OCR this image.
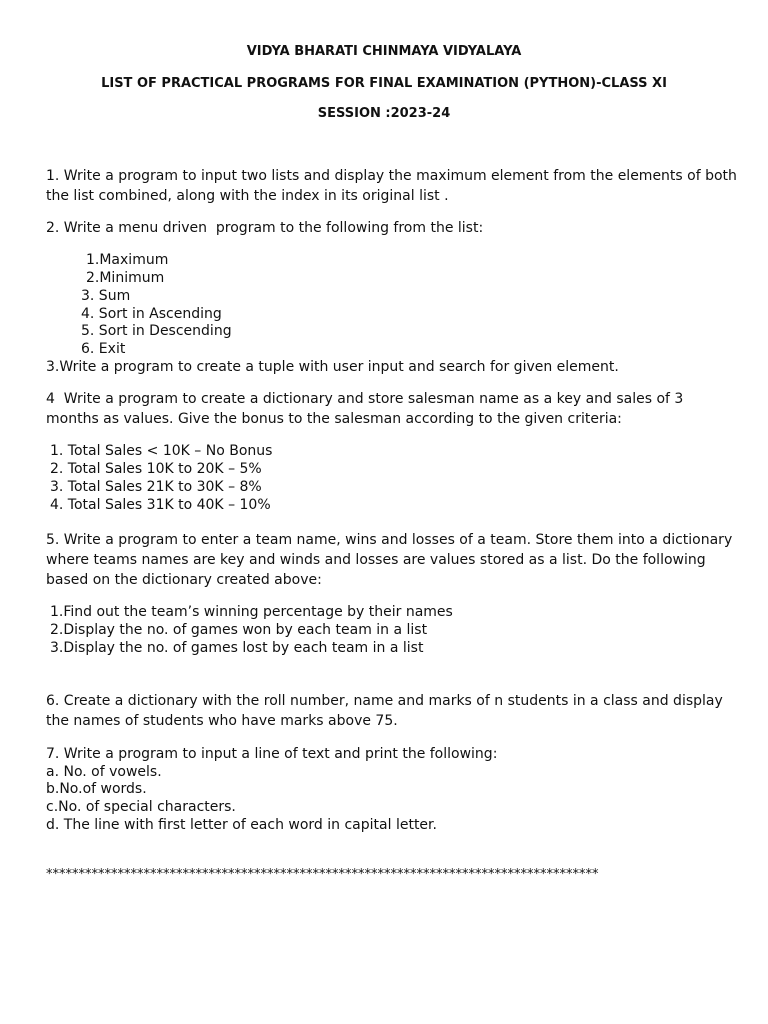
VIDYA BHARATI CHINMAYA VIDYALAYA
LIST OF PRACTICAL PROGRAMS FOR FINAL EXAMINATION (PYTHON)-CLASS XI
SESSION :2023-24
1. Write a program to input two lists and display the maximum element from the elements of both
the list combined, along with the index in its original list .
2. Write a menu driven  program to the following from the list:
1.Maximum
2.Minimum
3. Sum
4. Sort in Ascending
5. Sort in Descending
6. Exit
3.Write a program to create a tuple with user input and search for given element.
4  Write a program to create a dictionary and store salesman name as a key and sales of 3
months as values. Give the bonus to the salesman according to the given criteria:
1. Total Sales < 10K – No Bonus
2. Total Sales 10K to 20K – 5%
3. Total Sales 21K to 30K – 8%
4. Total Sales 31K to 40K – 10%
5. Write a program to enter a team name, wins and losses of a team. Store them into a dictionary
where teams names are key and winds and losses are values stored as a list. Do the following
based on the dictionary created above:
1.Find out the team’s winning percentage by their names
2.Display the no. of games won by each team in a list
3.Display the no. of games lost by each team in a list
6. Create a dictionary with the roll number, name and marks of n students in a class and display
the names of students who have marks above 75.
7. Write a program to input a line of text and print the following:
a. No. of vowels.
b.No.of words.
c.No. of special characters.
d. The line with first letter of each word in capital letter.
*************************************************************************************
